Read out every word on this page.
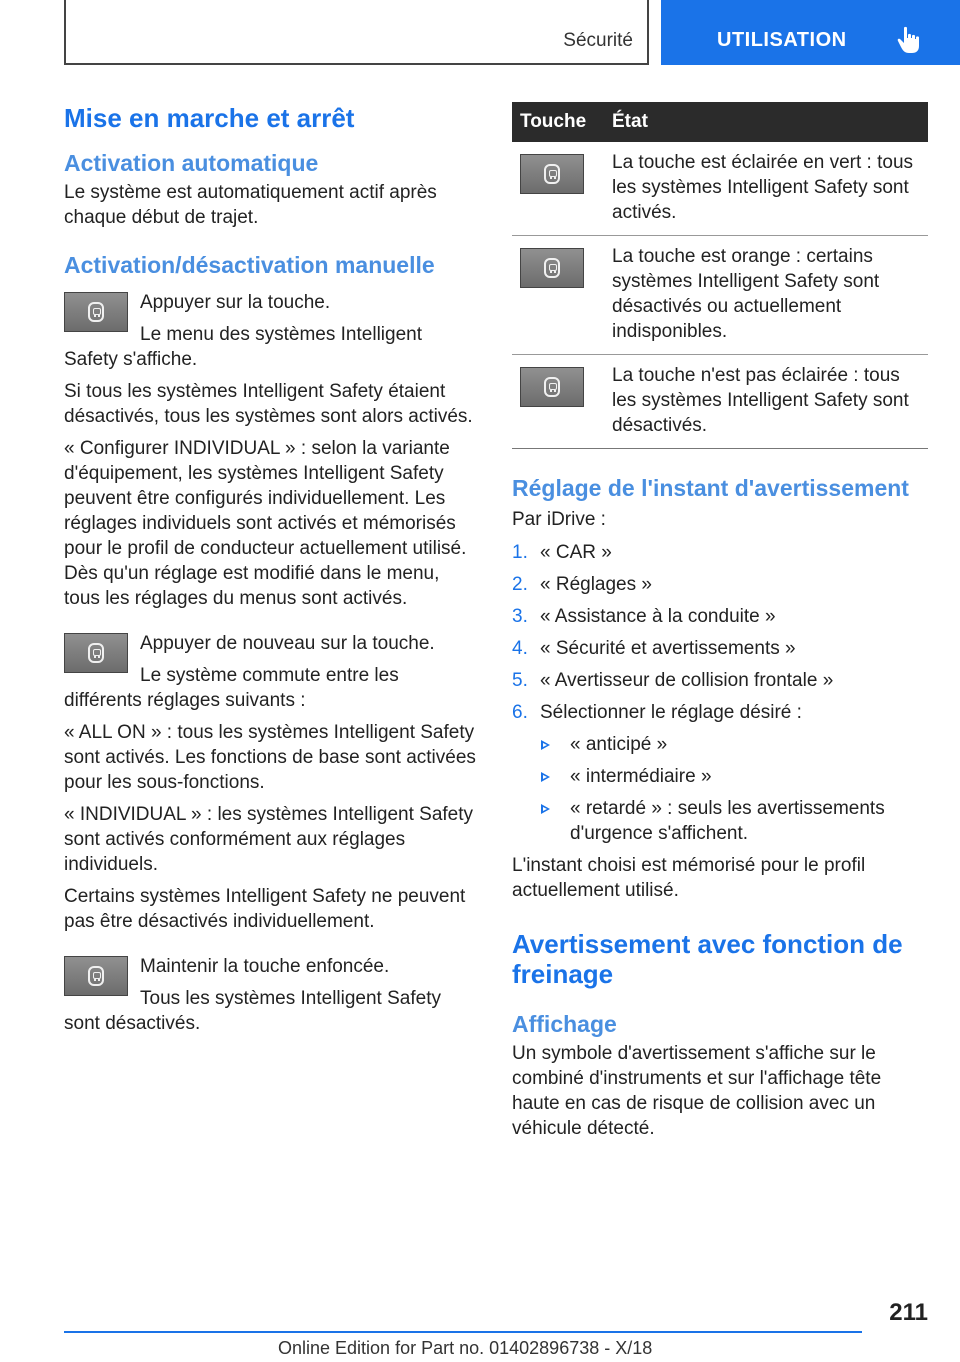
Sécurité	UTILISATION
Mise en marche et arrêt
Activation automatique

Le système est automatiquement actif après chaque début de trajet.

Activation/désactivation manuelle

Appuyer sur la touche.

Le menu des systèmes Intelligent Safety s'affiche.

Si tous les systèmes Intelligent Safety étaient désactivés, tous les systèmes sont alors activés.

« Configurer INDIVIDUAL » : selon la variante d'équipement, les systèmes Intelligent Safety peuvent être configurés individuellement. Les réglages individuels sont activés et mémorisés pour le profil de conducteur actuellement utilisé. Dès qu'un réglage est modifié dans le menu, tous les réglages du menus sont activés.

Appuyer de nouveau sur la touche.

Le système commute entre les différents réglages suivants :

« ALL ON » : tous les systèmes Intelligent Safety sont activés. Les fonctions de base sont activées pour les sous-fonctions.

« INDIVIDUAL » : les systèmes Intelligent Safety sont activés conformément aux réglages individuels.

Certains systèmes Intelligent Safety ne peuvent pas être désactivés individuellement.

Maintenir la touche enfoncée.

Tous les systèmes Intelligent Safety sont désactivés.

Touche	État

	La touche est éclairée en vert : tous les systèmes Intelligent Safety sont activés.

	La touche est orange : certains systèmes Intelligent Safety sont désactivés ou actuellement indisponibles.

	La touche n'est pas éclairée : tous les systèmes Intelligent Safety sont désactivés.
Réglage de l'instant d'avertissement

Par iDrive :

1. « CAR »
2. « Réglages »
3. « Assistance à la conduite »
4. « Sécurité et avertissements »
5. « Avertisseur de collision frontale »
6. Sélectionner le réglage désiré :
« anticipé »
« intermédiaire »
« retardé » : seuls les avertissements d'urgence s'affichent.

L'instant choisi est mémorisé pour le profil actuellement utilisé.

Avertissement avec fonction de freinage
Affichage

Un symbole d'avertissement s'affiche sur le combiné d'instruments et sur l'affichage tête haute en cas de risque de collision avec un véhicule détecté.

211
Online Edition for Part no. 01402896738 - X/18
